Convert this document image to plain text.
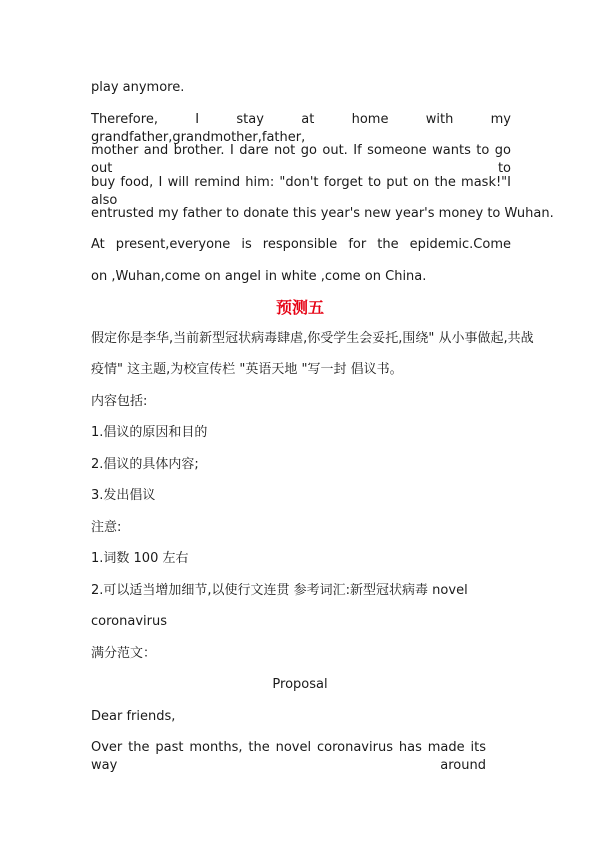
play anymore.
Therefore, I stay at home with my grandfather,grandmother,father,
mother and brother. I dare not go out. If someone wants to go out to
buy food, I will remind him: "don't forget to put on the mask!"I also
entrusted my father to donate this year's new year's money to Wuhan.
At present,everyone is responsible for the epidemic.Come
on ,Wuhan,come on angel in white ,come on China.
预测五
假定你是李华,当前新型冠状病毒肆虐,你受学生会妥托,围绕" 从小事做起,共战
疫情" 这主题,为校宣传栏 "英语天地 "写一封 倡议书。
内容包括:
1.倡议的原因和目的
2.倡议的具体内容;
3.发出倡议
注意:
1.词数 100 左右
2.可以适当增加细节,以使行文连贯 参考词汇:新型冠状病毒 novel
coronavirus
满分范文：
Proposal
Dear friends,
Over the past months, the novel coronavirus has made its way around
